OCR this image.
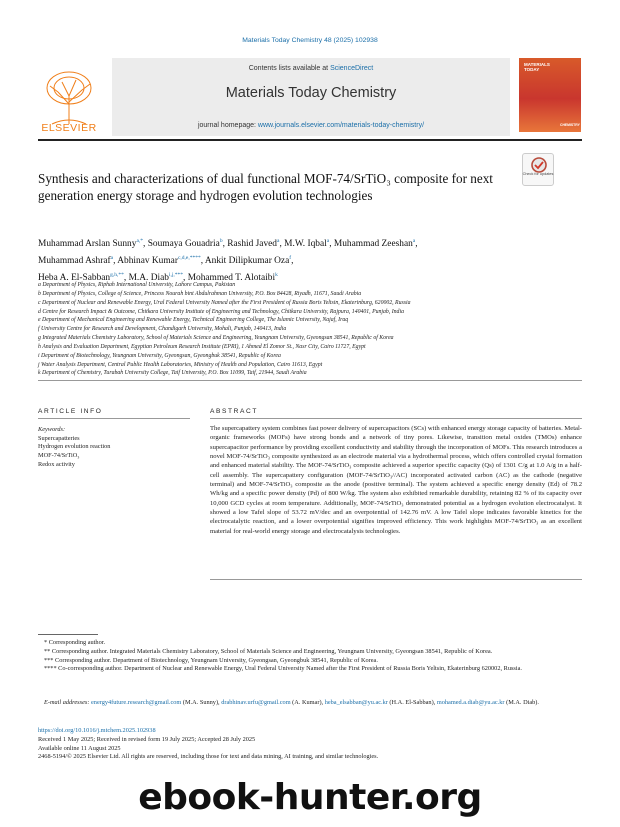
Materials Today Chemistry 48 (2025) 102938
Contents lists available at ScienceDirect
Materials Today Chemistry
journal homepage: www.journals.elsevier.com/materials-today-chemistry/
ELSEVIER
MATERIALS
TODAY
CHEMISTRY
Synthesis and characterizations of dual functional MOF-74/SrTiO₃ composite for next generation energy storage and hydrogen evolution technologies
Check for updates
Muhammad Arslan Sunny$^{a,*}$, Soumaya Gouadria$^b$, Rashid Javed$^a$, M.W. Iqbal$^a$, Muhammad Zeeshan$^a$,
Muhammad Ashraf$^a$, Abhinav Kumar$^{c,d,e,****}$, Ankit Dilipkumar Oza$^f$,
Heba A. El-Sabban$^{g,h,**}$, M.A. Diab$^{i,j,***}$, Mohammed T. Alotaibi$^k$
a Department of Physics, Riphah International University, Lahore Campus, Pakistan
b Department of Physics, College of Science, Princess Nourah bint Abdulrahman University, P.O. Box 84428, Riyadh, 11671, Saudi Arabia
c Department of Nuclear and Renewable Energy, Ural Federal University Named after the First President of Russia Boris Yeltsin, Ekaterinburg, 620002, Russia
d Centre for Research Impact & Outcome, Chitkara University Institute of Engineering and Technology, Chitkara University, Rajpura, 140401, Punjab, India
e Department of Mechanical Engineering and Renewable Energy, Technical Engineering College, The Islamic University, Najaf, Iraq
f University Centre for Research and Development, Chandigarh University, Mohali, Punjab, 140413, India
g Integrated Materials Chemistry Laboratory, School of Materials Science and Engineering, Yeungnam University, Gyeongsan 38541, Republic of Korea
h Analysis and Evaluation Department, Egyptian Petroleum Research Institute (EPRI), 1 Ahmed El Zomor St., Nasr City, Cairo 11727, Egypt
i Department of Biotechnology, Yeungnam University, Gyeongsan, Gyeongbuk 38541, Republic of Korea
j Water Analysis Department, Central Public Health Laboratories, Ministry of Health and Population, Cairo 11613, Egypt
k Department of Chemistry, Turabah University College, Taif University, P.O. Box 11099, Taif, 21944, Saudi Arabia
ARTICLE INFO	ABSTRACT
Keywords:
Supercapatteries
Hydrogen evolution reaction
MOF-74/SrTiO₃
Redox activity
The supercapattery system combines fast power delivery of supercapacitors (SCs) with enhanced energy storage capacity of batteries. Metal-organic frameworks (MOFs) have strong bonds and a network of tiny pores. Likewise, transition metal oxides (TMOs) enhance supercapacitor performance by providing excellent conductivity and stability through the incorporation of MOFs. This research introduces a novel MOF-74/SrTiO₃ composite synthesized as an electrode material via a hydrothermal process, which offers controlled crystal formation and enhanced material stability. The MOF-74/SrTiO₃ composite achieved a superior specific capacity (Qs) of 1301 C/g at 1.0 A/g in a half-cell assembly. The supercapattery configuration (MOF-74/SrTiO₃//AC) incorporated activated carbon (AC) as the cathode (negative terminal) and MOF-74/SrTiO₃ composite as the anode (positive terminal). The system achieved a specific energy density (Ed) of 78.2 Wh/kg and a specific power density (Pd) of 800 W/kg. The system also exhibited remarkable durability, retaining 82 % of its capacity over 10,000 GCD cycles at room temperature. Additionally, MOF-74/SrTiO₃ demonstrated potential as a hydrogen evolution electrocatalyst. It showed a low Tafel slope of 53.72 mV/dec and an overpotential of 142.76 mV. A low Tafel slope indicates favorable kinetics for the electrocatalytic reaction, and a lower overpotential signifies improved efficiency. This work highlights MOF-74/SrTiO₃ as an excellent material for real-world energy storage and electrocatalysis technologies.
* Corresponding author.
** Corresponding author. Integrated Materials Chemistry Laboratory, School of Materials Science and Engineering, Yeungnam University, Gyeongsan 38541, Republic of Korea.
*** Corresponding author. Department of Biotechnology, Yeungnam University, Gyeongsan, Gyeongbuk 38541, Republic of Korea.
**** Co-corresponding author. Department of Nuclear and Renewable Energy, Ural Federal University Named after the First President of Russia Boris Yeltsin, Ekaterinburg 620002, Russia.
E-mail addresses: energy4future.research@gmail.com (M.A. Sunny), drabhinav.urfu@gmail.com (A. Kumar), heba_elsabban@yu.ac.kr (H.A. El-Sabban), mohamed.a.diab@yu.ac.kr (M.A. Diab).
https://doi.org/10.1016/j.mtchem.2025.102938
Received 1 May 2025; Received in revised form 19 July 2025; Accepted 28 July 2025
Available online 11 August 2025
2468-5194/© 2025 Elsevier Ltd. All rights are reserved, including those for text and data mining, AI training, and similar technologies.
ebook-hunter.org
